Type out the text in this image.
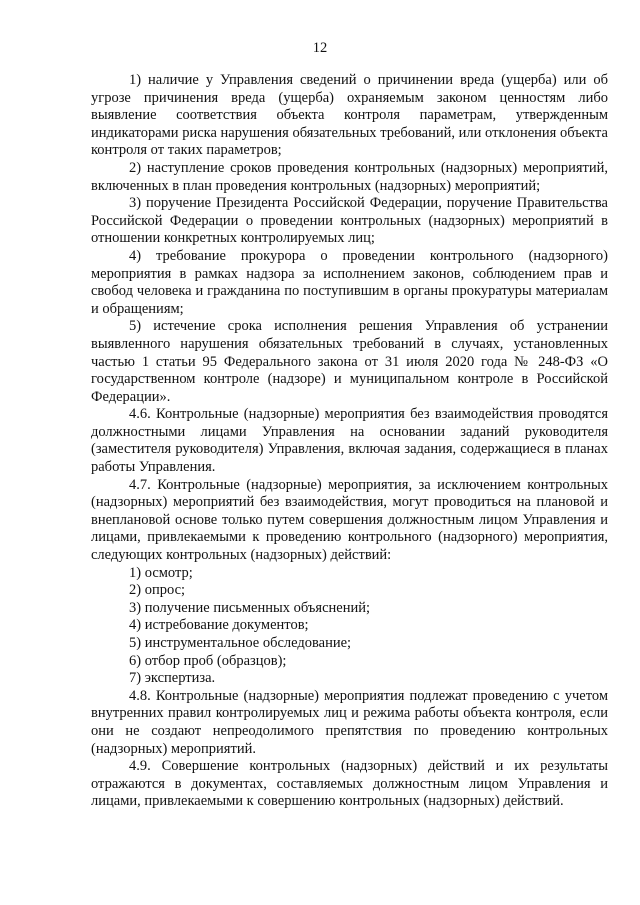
12

1) наличие у Управления сведений о причинении вреда (ущерба) или об угрозе причинения вреда (ущерба) охраняемым законом ценностям либо выявление соответствия объекта контроля параметрам, утвержденным индикаторами риска нарушения обязательных требований, или отклонения объекта контроля от таких параметров;

2) наступление сроков проведения контрольных (надзорных) мероприятий, включенных в план проведения контрольных (надзорных) мероприятий;

3) поручение Президента Российской Федерации, поручение Правительства Российской Федерации о проведении контрольных (надзорных) мероприятий в отношении конкретных контролируемых лиц;

4) требование прокурора о проведении контрольного (надзорного) мероприятия в рамках надзора за исполнением законов, соблюдением прав и свобод человека и гражданина по поступившим в органы прокуратуры материалам и обращениям;

5) истечение срока исполнения решения Управления об устранении выявленного нарушения обязательных требований в случаях, установленных частью 1 статьи 95 Федерального закона от 31 июля 2020 года № 248-ФЗ «О государственном контроле (надзоре) и муниципальном контроле в Российской Федерации».

4.6. Контрольные (надзорные) мероприятия без взаимодействия проводятся должностными лицами Управления на основании заданий руководителя (заместителя руководителя) Управления, включая задания, содержащиеся в планах работы Управления.

4.7. Контрольные (надзорные) мероприятия, за исключением контрольных (надзорных) мероприятий без взаимодействия, могут проводиться на плановой и внеплановой основе только путем совершения должностным лицом Управления и лицами, привлекаемыми к проведению контрольного (надзорного) мероприятия, следующих контрольных (надзорных) действий:

1) осмотр;

2) опрос;

3) получение письменных объяснений;

4) истребование документов;

5) инструментальное обследование;

6) отбор проб (образцов);

7) экспертиза.

4.8. Контрольные (надзорные) мероприятия подлежат проведению с учетом внутренних правил контролируемых лиц и режима работы объекта контроля, если они не создают непреодолимого препятствия по проведению контрольных (надзорных) мероприятий.

4.9. Совершение контрольных (надзорных) действий и их результаты отражаются в документах, составляемых должностным лицом Управления и лицами, привлекаемыми к совершению контрольных (надзорных) действий.
